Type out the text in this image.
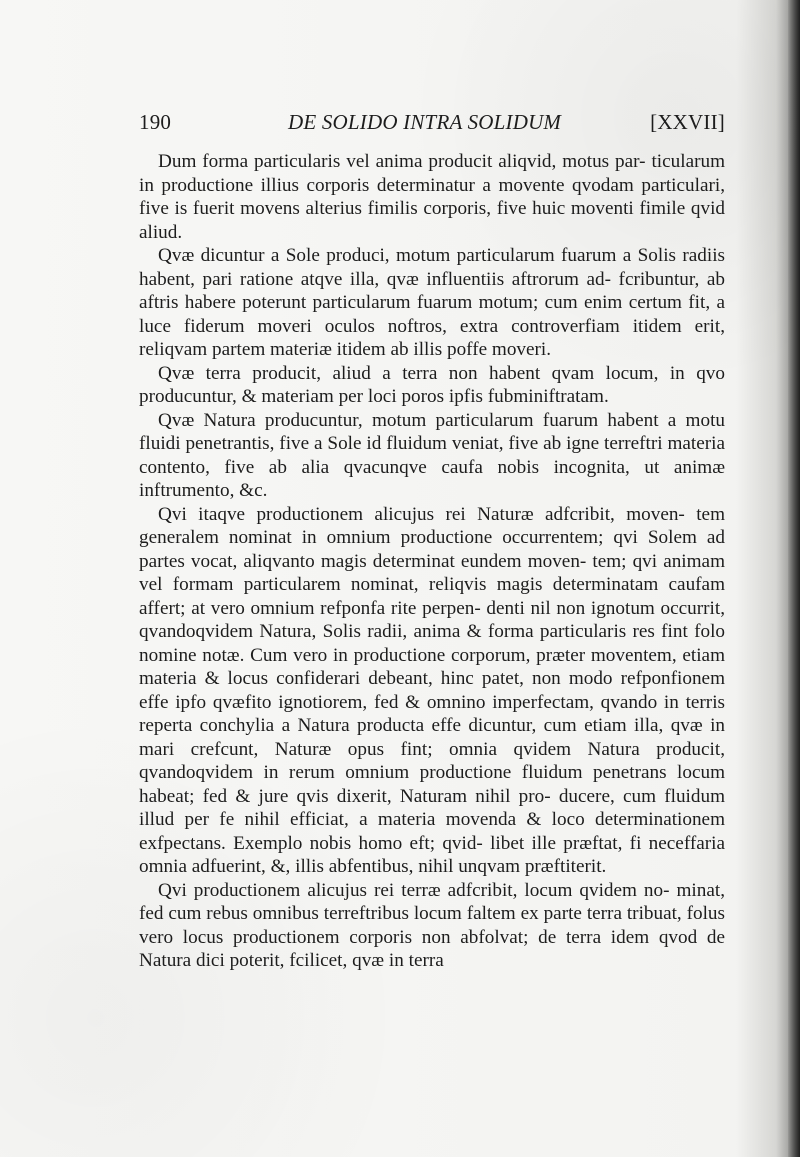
190	DE SOLIDO INTRA SOLIDUM	[XXVII]

Dum forma particularis vel anima producit aliqvid, motus par- ticularum in productione illius corporis determinatur a movente qvodam particulari, five is fuerit movens alterius fimilis corporis, five huic moventi fimile qvid aliud.

Qvæ dicuntur a Sole produci, motum particularum fuarum a Solis radiis habent, pari ratione atqve illa, qvæ influentiis aftrorum ad- fcribuntur, ab aftris habere poterunt particularum fuarum motum; cum enim certum fit, a luce fiderum moveri oculos noftros, extra controverfiam itidem erit, reliqvam partem materiæ itidem ab illis poffe moveri.

Qvæ terra producit, aliud a terra non habent qvam locum, in qvo producuntur, & materiam per loci poros ipfis fubminiftratam.

Qvæ Natura producuntur, motum particularum fuarum habent a motu fluidi penetrantis, five a Sole id fluidum veniat, five ab igne terreftri materia contento, five ab alia qvacunqve caufa nobis incognita, ut animæ inftrumento, &c.

Qvi itaqve productionem alicujus rei Naturæ adfcribit, moven- tem generalem nominat in omnium productione occurrentem; qvi Solem ad partes vocat, aliqvanto magis determinat eundem moven- tem; qvi animam vel formam particularem nominat, reliqvis magis determinatam caufam affert; at vero omnium refponfa rite perpen- denti nil non ignotum occurrit, qvandoqvidem Natura, Solis radii, anima & forma particularis res fint folo nomine notæ. Cum vero in productione corporum, præter moventem, etiam materia & locus confiderari debeant, hinc patet, non modo refponfionem effe ipfo qvæfito ignotiorem, fed & omnino imperfectam, qvando in terris reperta conchylia a Natura producta effe dicuntur, cum etiam illa, qvæ in mari crefcunt, Naturæ opus fint; omnia qvidem Natura producit, qvandoqvidem in rerum omnium productione fluidum penetrans locum habeat; fed & jure qvis dixerit, Naturam nihil pro- ducere, cum fluidum illud per fe nihil efficiat, a materia movenda & loco determinationem exfpectans. Exemplo nobis homo eft; qvid- libet ille præftat, fi neceffaria omnia adfuerint, &, illis abfentibus, nihil unqvam præftiterit.

Qvi productionem alicujus rei terræ adfcribit, locum qvidem no- minat, fed cum rebus omnibus terreftribus locum faltem ex parte terra tribuat, folus vero locus productionem corporis non abfolvat; de terra idem qvod de Natura dici poterit, fcilicet, qvæ in terra
